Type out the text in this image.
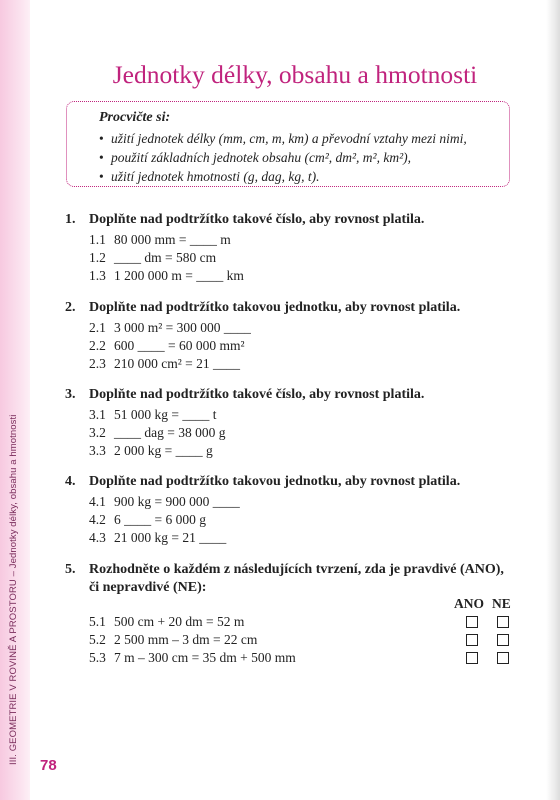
III. GEOMETRIE V ROVINĚ A PROSTORU – Jednotky délky, obsahu a hmotnosti
Jednotky délky, obsahu a hmotnosti
Procvičte si:
• užití jednotek délky (mm, cm, m, km) a převodní vztahy mezi nimi,
• použití základních jednotek obsahu (cm², dm², m², km²),
• užití jednotek hmotnosti (g, dag, kg, t).
1. Doplňte nad podtržítko takové číslo, aby rovnost platila.
1.1 80 000 mm = ____ m
1.2 ____ dm = 580 cm
1.3 1 200 000 m = ____ km
2. Doplňte nad podtržítko takovou jednotku, aby rovnost platila.
2.1 3 000 m² = 300 000 ____
2.2 600 ____ = 60 000 mm²
2.3 210 000 cm² = 21 ____
3. Doplňte nad podtržítko takové číslo, aby rovnost platila.
3.1 51 000 kg = ____ t
3.2 ____ dag = 38 000 g
3.3 2 000 kg = ____ g
4. Doplňte nad podtržítko takovou jednotku, aby rovnost platila.
4.1 900 kg = 900 000 ____
4.2 6 ____ = 6 000 g
4.3 21 000 kg = 21 ____
5. Rozhodněte o každém z následujících tvrzení, zda je pravdivé (ANO),
či nepravdivé (NE):
ANO NE
5.1 500 cm + 20 dm = 52 m
5.2 2 500 mm – 3 dm = 22 cm
5.3 7 m – 300 cm = 35 dm + 500 mm
78
